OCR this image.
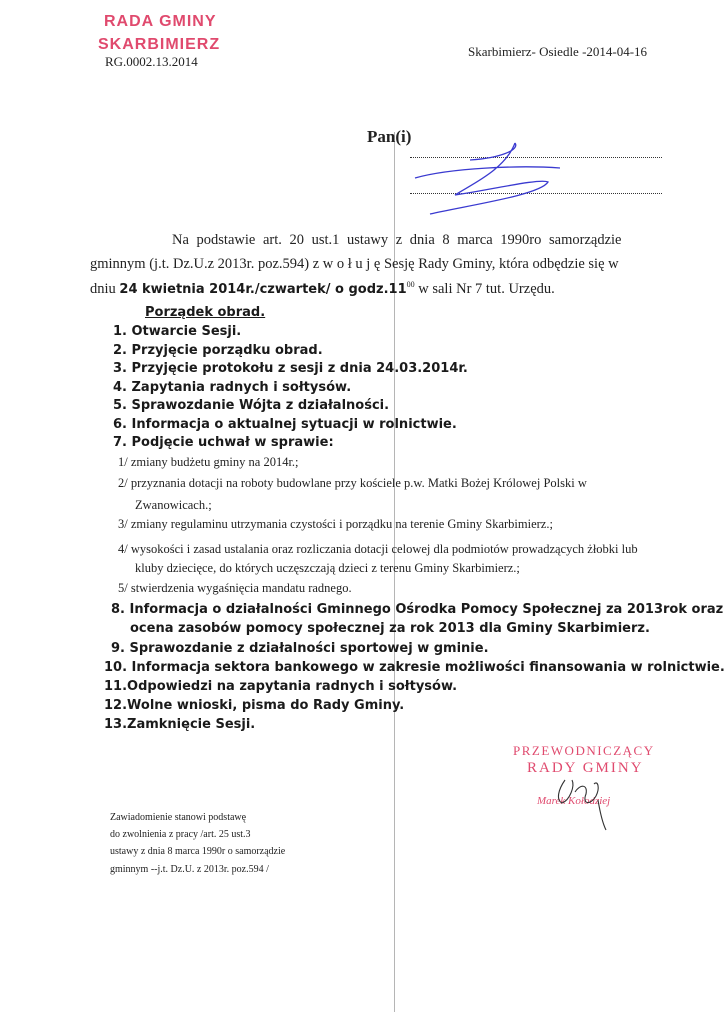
RADA GMINY
SKARBIMIERZ
RG.0002.13.2014
Skarbimierz- Osiedle -2014-04-16
Pan(i)
Na podstawie art. 20 ust.1 ustawy z dnia 8 marca 1990ro samorządzie
gminnym (j.t. Dz.U.z 2013r. poz.594) z w o ł u j ę Sesję Rady Gminy, która odbędzie się w
dniu 24 kwietnia 2014r./czwartek/ o $godz.11^{00}$ w sali Nr 7 tut. Urzędu.
Porządek obrad.
1. Otwarcie Sesji.
2. Przyjęcie porządku obrad.
3. Przyjęcie protokołu z sesji z dnia 24.03.2014r.
4. Zapytania radnych i sołtysów.
5. Sprawozdanie Wójta z działalności.
6. Informacja o aktualnej sytuacji w rolnictwie.
7. Podjęcie uchwał w sprawie:
1/ zmiany budżetu gminy na 2014r.;
2/ przyznania dotacji na roboty budowlane przy kościele p.w. Matki Bożej Królowej Polski w
Zwanowicach.;
3/ zmiany regulaminu utrzymania czystości i porządku na terenie Gminy Skarbimierz.;
4/ wysokości i zasad ustalania oraz rozliczania dotacji celowej dla podmiotów prowadzących żłobki lub
kluby dziecięce, do których uczęszczają dzieci z terenu Gminy Skarbimierz.;
5/ stwierdzenia wygaśnięcia mandatu radnego.
8. Informacja o działalności Gminnego Ośrodka Pomocy Społecznej za 2013rok oraz
ocena zasobów pomocy społecznej za rok 2013 dla Gminy Skarbimierz.
9. Sprawozdanie z działalności sportowej w gminie.
10. Informacja sektora bankowego w zakresie możliwości finansowania w rolnictwie.
11.Odpowiedzi na zapytania radnych i sołtysów.
12.Wolne wnioski, pisma do Rady Gminy.
13.Zamknięcie Sesji.
PRZEWODNICZĄCY
RADY GMINY
Marek Kołodziej
Zawiadomienie stanowi podstawę
do zwolnienia z pracy /art. 25 ust.3
ustawy z dnia 8 marca 1990r o samorządzie
gminnym --j.t. Dz.U. z 2013r. poz.594 /
